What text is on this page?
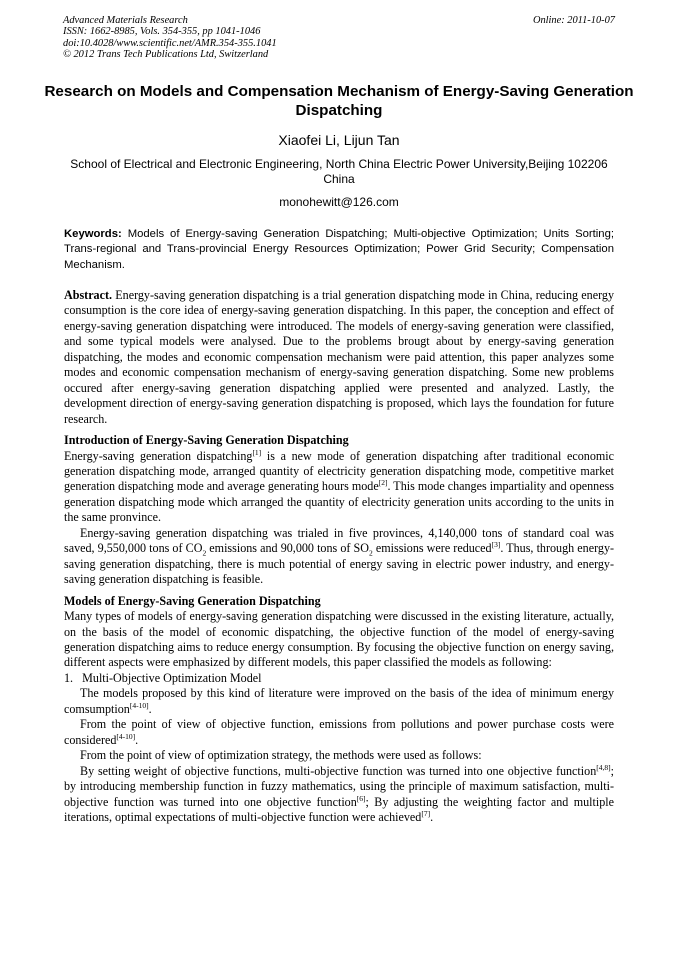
Advanced Materials Research
ISSN: 1662-8985, Vols. 354-355, pp 1041-1046
doi:10.4028/www.scientific.net/AMR.354-355.1041
© 2012 Trans Tech Publications Ltd, Switzerland
Online: 2011-10-07
Research on Models and Compensation Mechanism of Energy-Saving Generation Dispatching
Xiaofei Li, Lijun Tan
School of Electrical and Electronic Engineering, North China Electric Power University,Beijing 102206 China
monohewitt@126.com
Keywords: Models of Energy-saving Generation Dispatching; Multi-objective Optimization; Units Sorting; Trans-regional and Trans-provincial Energy Resources Optimization; Power Grid Security; Compensation Mechanism.

Abstract. Energy-saving generation dispatching is a trial generation dispatching mode in China, reducing energy consumption is the core idea of energy-saving generation dispatching. In this paper, the conception and effect of energy-saving generation dispatching were introduced. The models of energy-saving generation were classified, and some typical models were analysed. Due to the problems brougt about by energy-saving generation dispatching, the modes and economic compensation mechanism were paid attention, this paper analyzes some modes and economic compensation mechanism of energy-saving generation dispatching. Some new problems occured after energy-saving generation dispatching applied were presented and analyzed. Lastly, the development direction of energy-saving generation dispatching is proposed, which lays the foundation for future research.

Introduction of Energy-Saving Generation Dispatching

Energy-saving generation dispatching[1] is a new mode of generation dispatching after traditional economic generation dispatching mode, arranged quantity of electricity generation dispatching mode, competitive market generation dispatching mode and average generating hours mode[2]. This mode changes impartiality and openness generation dispatching mode which arranged the quantity of electricity generation units according to the units in the same pronvince.

Energy-saving generation dispatching was trialed in five provinces, 4,140,000 tons of standard coal was saved, 9,550,000 tons of $CO_2$ emissions and 90,000 tons of $SO_2$ emissions were reduced[3]. Thus, through energy-saving generation dispatching, there is much potential of energy saving in electric power industry, and energy-saving generation dispatching is feasible.

Models of Energy-Saving Generation Dispatching

Many types of models of energy-saving generation dispatching were discussed in the existing literature, actually, on the basis of the model of economic dispatching, the objective function of the model of energy-saving generation dispatching aims to reduce energy consumption. By focusing the objective function on energy saving, different aspects were emphasized by different models, this paper classified the models as following:

1.   Multi-Objective Optimization Model

The models proposed by this kind of literature were improved on the basis of the idea of minimum energy comsumption[4-10].

From the point of view of objective function, emissions from pollutions and power purchase costs were considered[4-10].

From the point of view of optimization strategy, the methods were used as follows:

By setting weight of objective functions, multi-objective function was turned into one objective function[4,8]; by introducing membership function in fuzzy mathematics, using the principle of maximum satisfaction, multi-objective function was turned into one objective function[6]; By adjusting the weighting factor and multiple iterations, optimal expectations of multi-objective function were achieved[7].
